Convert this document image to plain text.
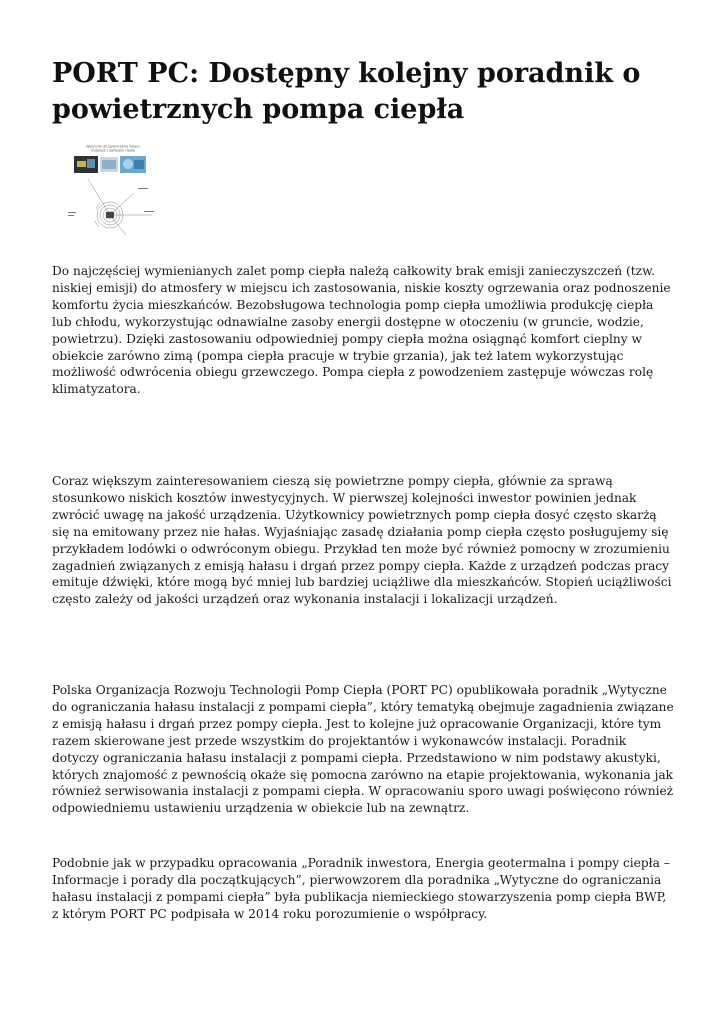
PORT PC: Dostępny kolejny poradnik o powietrznych pompa ciepła
Wytyczne do ograniczania hałasu
instalacji z pompami ciepła

Do najczęściej wymienianych zalet pomp ciepła należą całkowity brak emisji zanieczyszczeń (tzw. niskiej emisji) do atmosfery w miejscu ich zastosowania, niskie koszty ogrzewania oraz podnoszenie komfortu życia mieszkańców. Bezobsługowa technologia pomp ciepła umożliwia produkcję ciepła lub chłodu, wykorzystując odnawialne zasoby energii dostępne w otoczeniu (w gruncie, wodzie, powietrzu). Dzięki zastosowaniu odpowiedniej pompy ciepła można osiągnąć komfort cieplny w obiekcie zarówno zimą (pompa ciepła pracuje w trybie grzania), jak też latem wykorzystując możliwość odwrócenia obiegu grzewczego. Pompa ciepła z powodzeniem zastępuje wówczas rolę klimatyzatora.

Coraz większym zainteresowaniem cieszą się powietrzne pompy ciepła, głównie za sprawą stosunkowo niskich kosztów inwestycyjnych. W pierwszej kolejności inwestor powinien jednak zwrócić uwagę na jakość urządzenia. Użytkownicy powietrznych pomp ciepła dosyć często skarżą się na emitowany przez nie hałas. Wyjaśniając zasadę działania pomp ciepła często posługujemy się przykładem lodówki o odwróconym obiegu. Przykład ten może być również pomocny w zrozumieniu zagadnień związanych z emisją hałasu i drgań przez pompy ciepła. Każde z urządzeń podczas pracy emituje dźwięki, które mogą być mniej lub bardziej uciążliwe dla mieszkańców. Stopień uciążliwości często zależy od jakości urządzeń oraz wykonania instalacji i lokalizacji urządzeń.

Polska Organizacja Rozwoju Technologii Pomp Ciepła (PORT PC) opublikowała poradnik „Wytyczne do ograniczania hałasu instalacji z pompami ciepła”, który tematyką obejmuje zagadnienia związane z emisją hałasu i drgań przez pompy ciepła. Jest to kolejne już opracowanie Organizacji, które tym razem skierowane jest przede wszystkim do projektantów i wykonawców instalacji. Poradnik dotyczy ograniczania hałasu instalacji z pompami ciepła. Przedstawiono w nim podstawy akustyki, których znajomość z pewnością okaże się pomocna zarówno na etapie projektowania, wykonania jak również serwisowania instalacji z pompami ciepła. W opracowaniu sporo uwagi poświęcono również odpowiedniemu ustawieniu urządzenia w obiekcie lub na zewnątrz.

Podobnie jak w przypadku opracowania „Poradnik inwestora, Energia geotermalna i pompy ciepła – Informacje i porady dla początkujących”, pierwowzorem dla poradnika „Wytyczne do ograniczania hałasu instalacji z pompami ciepła” była publikacja niemieckiego stowarzyszenia pomp ciepła BWP, z którym PORT PC podpisała w 2014 roku porozumienie o współpracy.
